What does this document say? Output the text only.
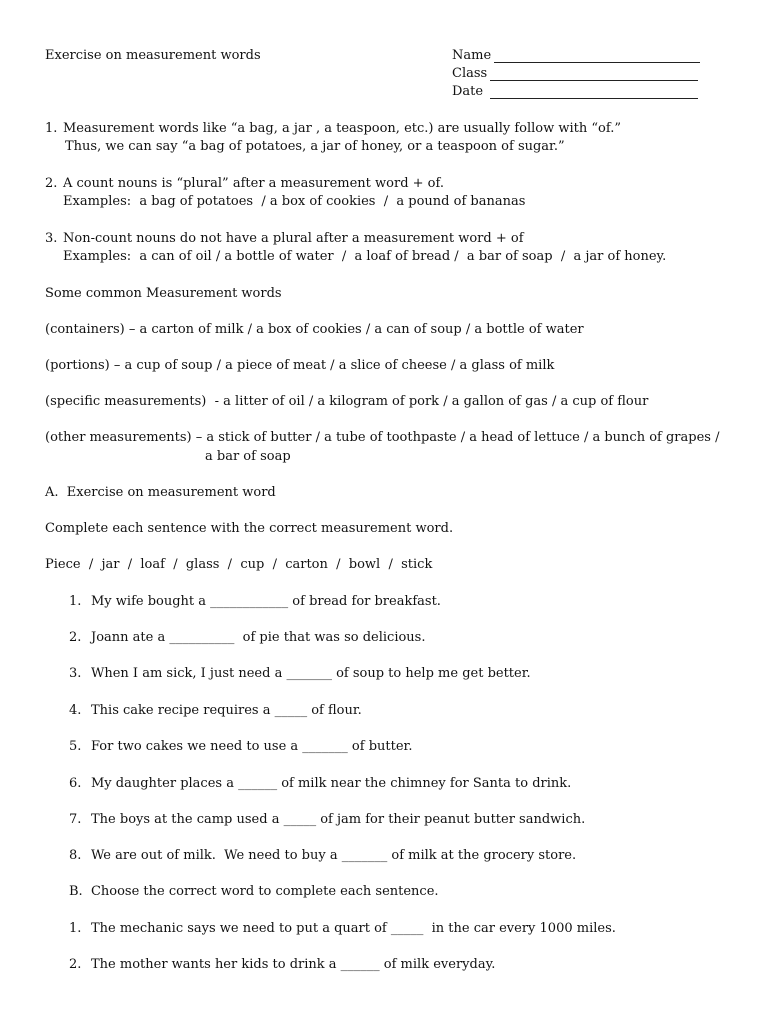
Exercise on measurement words	Name
Class
Date
1. Measurement words like “a bag, a jar , a teaspoon, etc.) are usually follow with “of.”
Thus, we can say “a bag of potatoes, a jar of honey, or a teaspoon of sugar.”
2. A count nouns is “plural” after a measurement word + of.
Examples:  a bag of potatoes  / a box of cookies  /  a pound of bananas
3. Non-count nouns do not have a plural after a measurement word + of
Examples:  a can of oil / a bottle of water  /  a loaf of bread /  a bar of soap  /  a jar of honey.
Some common Measurement words
(containers) – a carton of milk / a box of cookies / a can of soup / a bottle of water
(portions) – a cup of soup / a piece of meat / a slice of cheese / a glass of milk
(specific measurements)  - a litter of oil / a kilogram of pork / a gallon of gas / a cup of flour
(other measurements) – a stick of butter / a tube of toothpaste / a head of lettuce / a bunch of grapes /
a bar of soap
A.  Exercise on measurement word
Complete each sentence with the correct measurement word.
Piece  /  jar  /  loaf  /  glass  /  cup  /  carton  /  bowl  /  stick
1. My wife bought a ____________ of bread for breakfast.
2. Joann ate a __________  of pie that was so delicious.
3. When I am sick, I just need a _______ of soup to help me get better.
4. This cake recipe requires a _____ of flour.
5. For two cakes we need to use a _______ of butter.
6. My daughter places a ______ of milk near the chimney for Santa to drink.
7. The boys at the camp used a _____ of jam for their peanut butter sandwich.
8. We are out of milk.  We need to buy a _______ of milk at the grocery store.
B.  Choose the correct word to complete each sentence.
1. The mechanic says we need to put a quart of _____  in the car every 1000 miles.
2. The mother wants her kids to drink a ______ of milk everyday.
